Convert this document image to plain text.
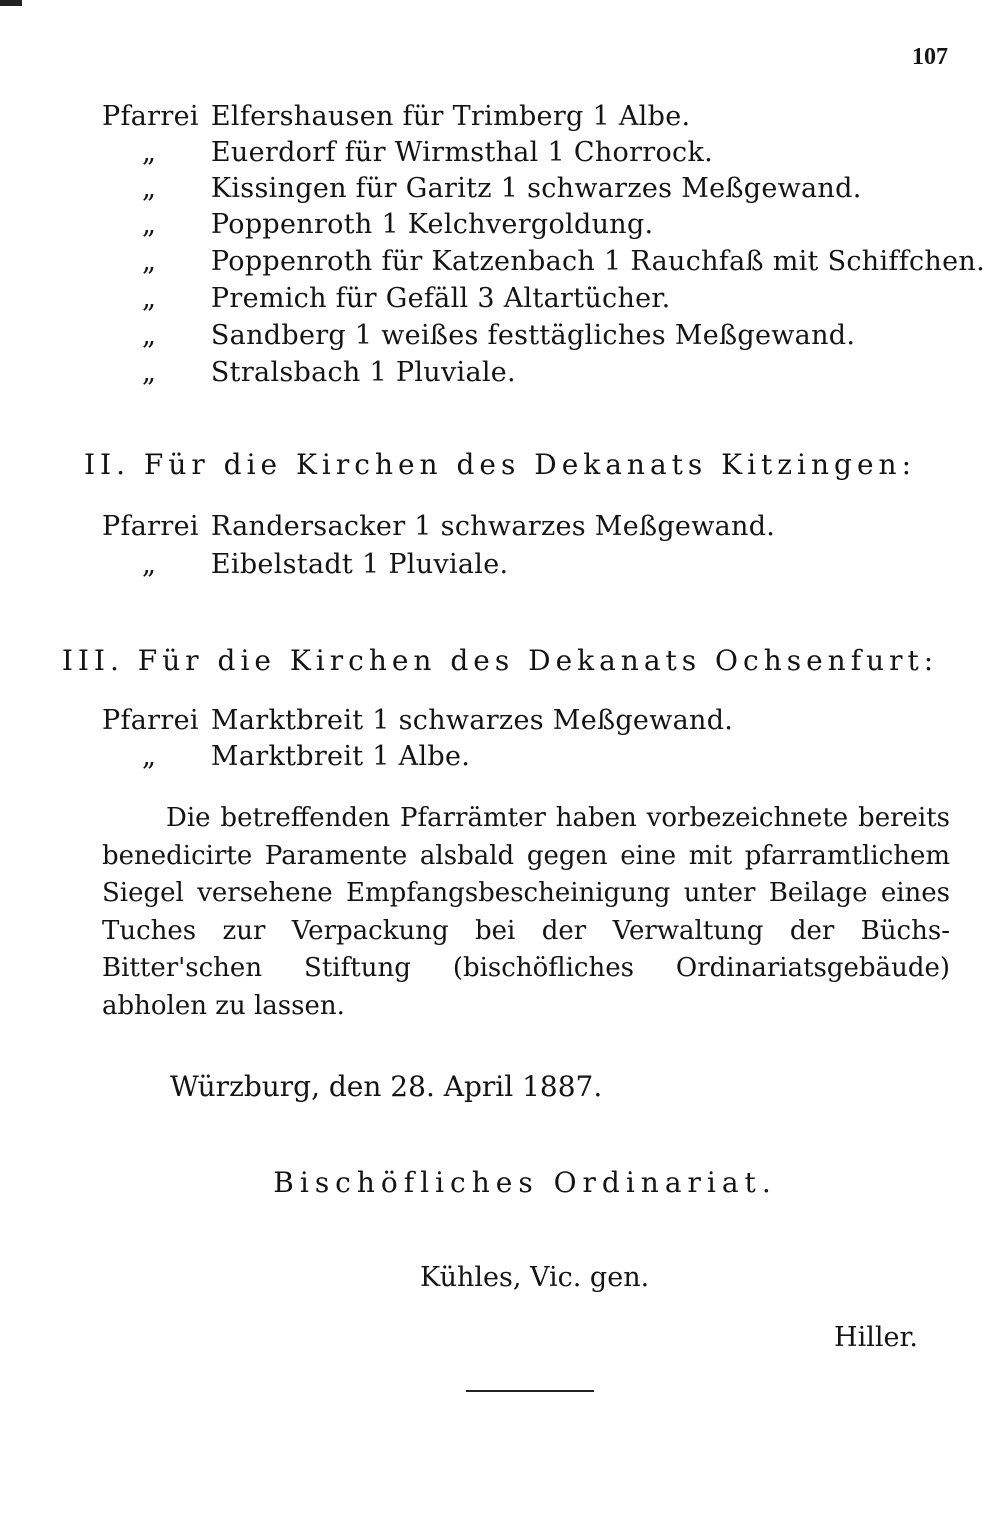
107
Pfarrei Elfershausen für Trimberg 1 Albe.
„ Euerdorf für Wirmsthal 1 Chorrock.
„ Kissingen für Garitz 1 schwarzes Meßgewand.
„ Poppenroth 1 Kelchvergoldung.
„ Poppenroth für Katzenbach 1 Rauchfaß mit Schiffchen.
„ Premich für Gefäll 3 Altartücher.
„ Sandberg 1 weißes festtägliches Meßgewand.
„ Stralsbach 1 Pluviale.
II. Für die Kirchen des Dekanats Kitzingen:
Pfarrei Randersacker 1 schwarzes Meßgewand.
„ Eibelstadt 1 Pluviale.
III. Für die Kirchen des Dekanats Ochsenfurt:
Pfarrei Marktbreit 1 schwarzes Meßgewand.
„ Marktbreit 1 Albe.
Die betreffenden Pfarrämter haben vorbezeichnete bereits benedicirte Paramente alsbald gegen eine mit pfarramtlichem Siegel versehene Empfangsbescheinigung unter Beilage eines Tuches zur Verpackung bei der Verwaltung der Büchs-Bitter'schen Stiftung (bischöfliches Ordinariatsgebäude) abholen zu lassen.
Würzburg, den 28. April 1887.
Bischöfliches Ordinariat.
Kühles, Vic. gen.
Hiller.
